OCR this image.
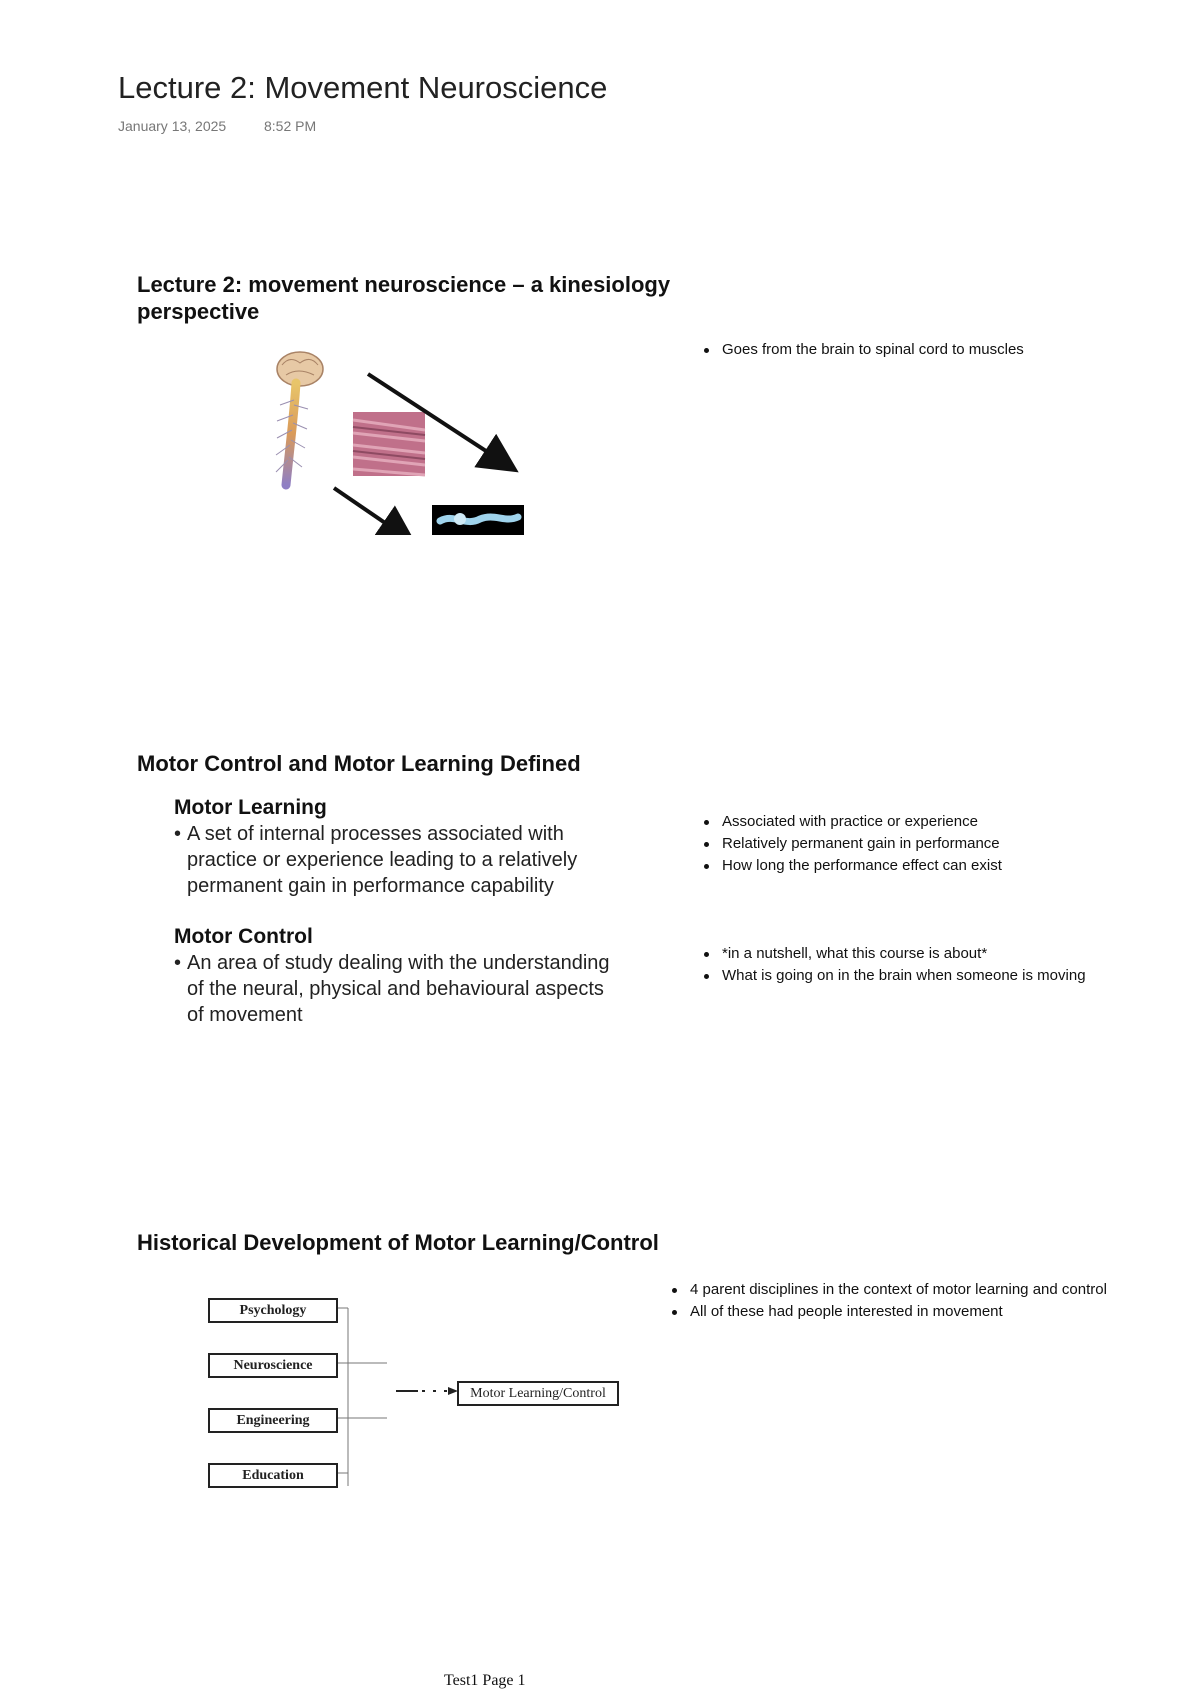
Lecture 2: Movement Neuroscience
January 13, 2025	8:52 PM
Lecture 2: movement neuroscience – a kinesiology
perspective
Goes from the brain to spinal cord to muscles
Motor Control and Motor Learning Defined
Motor Learning
• A set of internal processes associated with
practice or experience leading to a relatively
permanent gain in performance capability
Motor Control
• An area of study dealing with the understanding
of the neural, physical and behavioural aspects
of movement
Associated with practice or experience
Relatively permanent gain in performance
How long the performance effect can exist
*in a nutshell, what this course is about*
What is going on in the brain when someone is moving
Historical Development of Motor Learning/Control
Psychology
Neuroscience
Engineering
Education
Motor Learning/Control
4 parent disciplines in the context of motor learning and control
All of these had people interested in movement
Test1 Page 1
